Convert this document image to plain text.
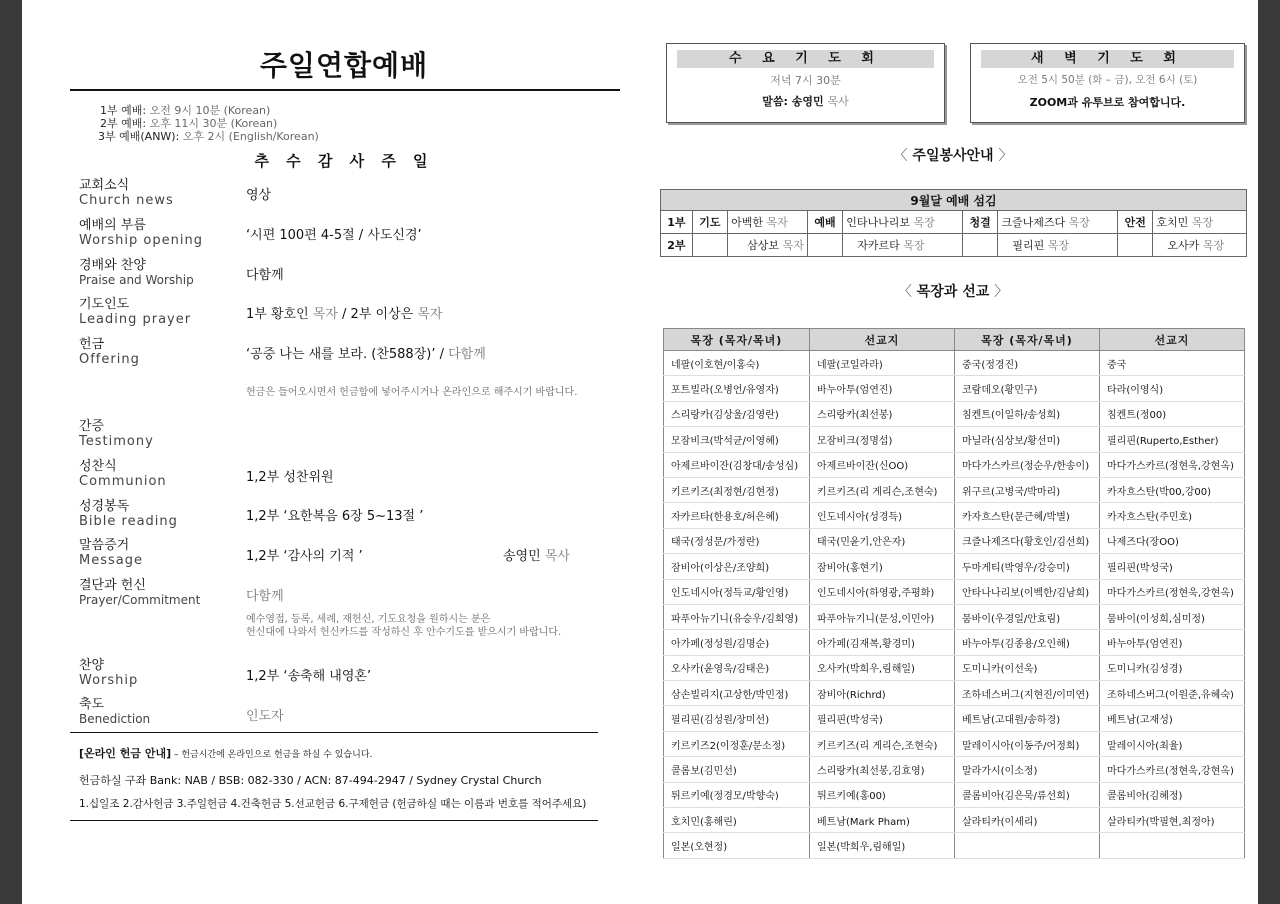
주일연합예배
1부 예배: 오전 9시 10분 (Korean)
2부 예배: 오후 11시 30분 (Korean)
3부 예배(ANW): 오후 2시 (English/Korean)
추 수 감 사 주 일
교회소식
Church news	영상
예배의 부름
Worship opening	‘시편 100편 4-5절 / 사도신경’
경배와 찬양
Praise and Worship	다함께
기도인도
Leading prayer	1부 황호인 목자 / 2부 이상은 목자
헌금
Offering	‘공중 나는 새를 보라. (찬588장)’ / 다함께
헌금은 들어오시면서 헌금함에 넣어주시거나 온라인으로 해주시기 바랍니다.
간증
Testimony
성찬식
Communion	1,2부 성찬위원
성경봉독
Bible reading	1,2부 ‘요한복음 6장 5~13절 ’
말씀증거
Message	1,2부 ‘감사의 기적 ’	송영민 목사
결단과 헌신
Prayer/Commitment	다함께
예수영접, 등록, 세례, 재헌신, 기도요청을 원하시는 분은
헌신대에 나와서 헌신카드를 작성하신 후 안수기도를 받으시기 바랍니다.
찬양
Worship	1,2부 ‘송축해 내영혼’
축도
Benediction	인도자
[온라인 헌금 안내] – 헌금시간에 온라인으로 헌금을 하실 수 있습니다.
헌금하실 구좌 Bank: NAB / BSB: 082-330 / ACN: 87-494-2947 / Sydney Crystal Church
1.십일조 2.감사헌금 3.주일헌금 4.건축헌금 5.선교헌금 6.구제헌금 (헌금하실 때는 이름과 번호를 적어주세요)
수 요 기 도 회
저녁 7시 30분
말씀: 송영민 목사
새 벽 기 도 회
오전 5시 50분 (화 – 금), 오전 6시 (토)
ZOOM과 유투브로 참여합니다.
〈 주일봉사안내 〉
9월달 예배 섬김								
1부	기도	아벡한 목자	예배	인타나나리보 목장	청결	크즐나제즈다 목장	안전	호치민 목장
2부		삼상보 목자		자카르타 목장		필리핀 목장		오사카 목장
〈 목장과 선교 〉
목장 (목자/목녀)	선교지	목장 (목자/목녀)	선교지
네팔(이호현/이홍숙)	네팔(코일라라)	중국(정경진)	중국
포트빌라(오병언/유영자)	바누아투(엄연진)	코람데오(황민구)	타라(이영식)
스리랑카(김상울/김영란)	스리랑카(최선봉)	침켄트(이일하/송성희)	침켄트(정00)
모잠비크(박석균/이영혜)	모잠비크(정명섭)	마닐라(심상보/황선미)	필리핀(Ruperto,Esther)
아제르바이잔(김창대/송성심)	아제르바이잔(신OO)	마다가스카르(정순우/한송이)	마다가스카르(정현욱,강현옥)
키르키즈(최정현/김현정)	키르키즈(리 게리슨,조현숙)	위구르(고병국/박마리)	카자흐스탄(박00,강00)
자카르타(한용호/허은혜)	인도네시아(성경득)	카자흐스탄(문근혜/박별)	카자흐스탄(주민호)
태국(정성문/가정란)	태국(민윤기,안은자)	크즐나제즈다(황호인/김선희)	나제즈다(장OO)
잠비아(이상은/조양희)	잠비아(홍현기)	두마게티(박영우/강승미)	필리핀(박성국)
인도네시아(정득교/황인영)	인도네시아(하영광,주평화)	안타나나리보(이벡한/김남희)	마다가스카르(정현욱,강현옥)
파푸아뉴기니(유승우/김희영)	파푸아뉴기니(문성,이민아)	뭄바이(우경일/안효림)	뭄바이(이성희,심미정)
아가페(정성원/김명순)	아가페(김재복,황경미)	바누아투(김종용/오인해)	바누아투(엄연진)
오사카(윤영욱/김태은)	오사카(박희우,림해일)	도미니카(이선욱)	도미니카(김성경)
삼손빌리지(고상한/박민정)	잠비아(Richrd)	조하네스버그(지현진/이미연)	조하네스버그(이원준,유혜숙)
필리핀(김성원/장미선)	필리핀(박성국)	베트남(고대원/송하경)	베트남(고재성)
키르키즈2(이정훈/문소정)	키르키즈(리 게리슨,조현숙)	말레이시아(이동주/어정희)	말레이시아(최율)
콜롬보(김민선)	스리랑카(최선봉,김효영)	말라가시(이소정)	마다가스카르(정현욱,강현옥)
튀르키예(정경모/박향숙)	튀르키예(홍00)	콜롬비아(김은묵/류선희)	콜롬비아(김혜정)
호치민(홍해린)	베트남(Mark Pham)	살라티카(이세리)	살라티카(박필현,최정아)
일본(오현정)	일본(박희우,림해일)		
